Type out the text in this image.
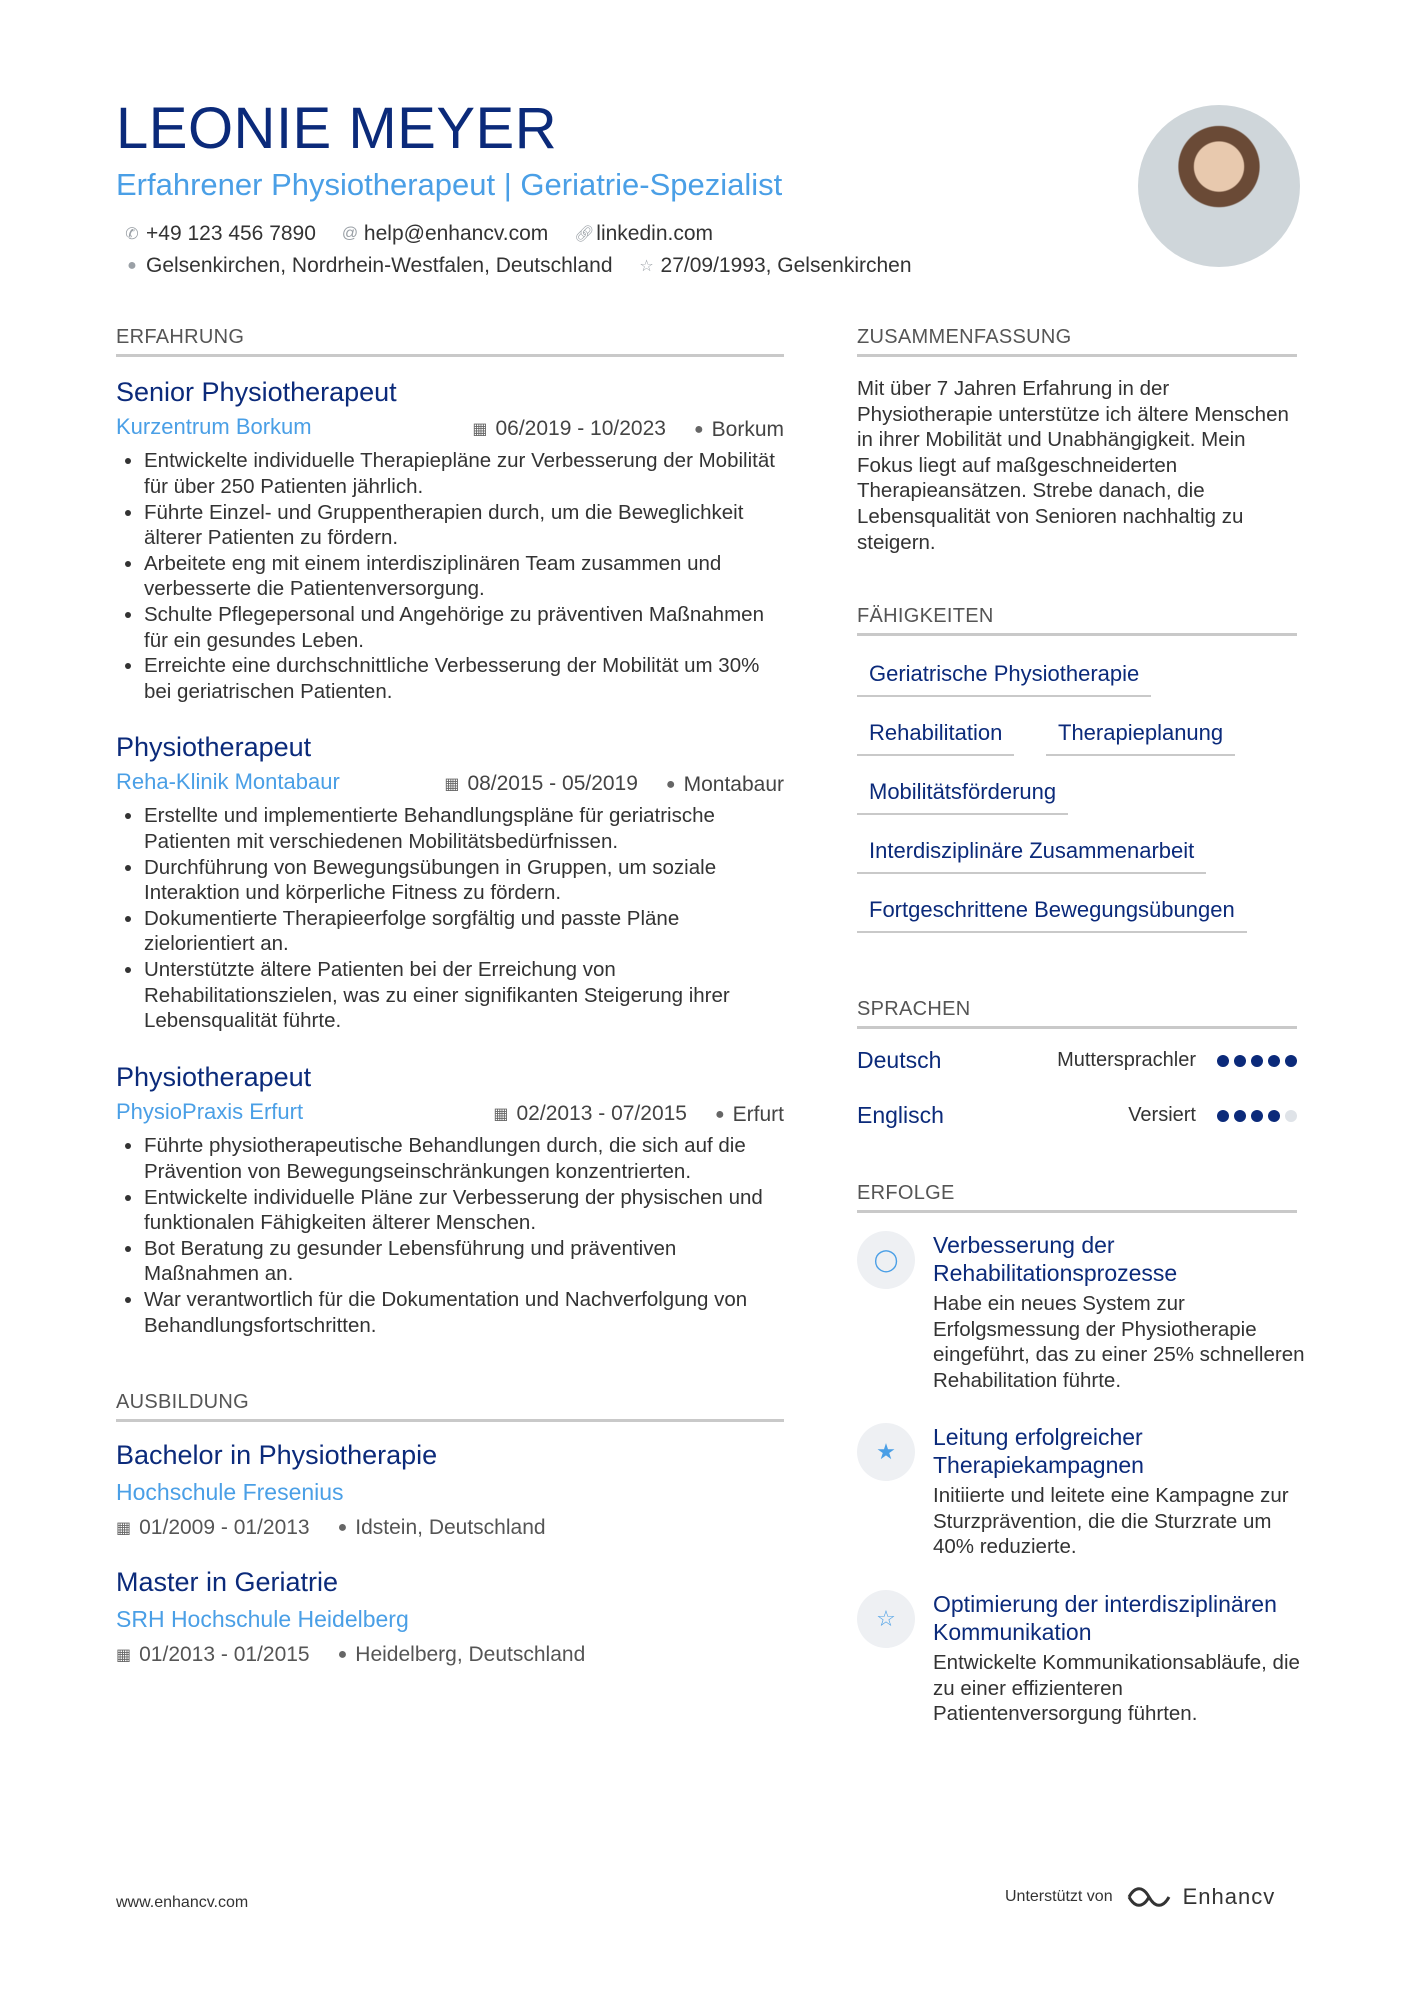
LEONIE MEYER
Erfahrener Physiotherapeut | Geriatrie-Spezialist
✆ +49 123 456 7890 @ help@enhancv.com 🔗︎ linkedin.com
● Gelsenkirchen, Nordrhein-Westfalen, Deutschland ☆ 27/09/1993, Gelsenkirchen
ERFAHRUNG
Senior Physiotherapeut
Kurzentrum Borkum	▦ 06/2019 - 10/2023 ● Borkum
• Entwickelte individuelle Therapiepläne zur Verbesserung der Mobilität für über 250 Patienten jährlich.
• Führte Einzel- und Gruppentherapien durch, um die Beweglichkeit älterer Patienten zu fördern.
• Arbeitete eng mit einem interdisziplinären Team zusammen und verbesserte die Patientenversorgung.
• Schulte Pflegepersonal und Angehörige zu präventiven Maßnahmen für ein gesundes Leben.
• Erreichte eine durchschnittliche Verbesserung der Mobilität um 30% bei geriatrischen Patienten.
Physiotherapeut
Reha-Klinik Montabaur	▦ 08/2015 - 05/2019 ● Montabaur
• Erstellte und implementierte Behandlungspläne für geriatrische Patienten mit verschiedenen Mobilitätsbedürfnissen.
• Durchführung von Bewegungsübungen in Gruppen, um soziale Interaktion und körperliche Fitness zu fördern.
• Dokumentierte Therapieerfolge sorgfältig und passte Pläne zielorientiert an.
• Unterstützte ältere Patienten bei der Erreichung von Rehabilitationszielen, was zu einer signifikanten Steigerung ihrer Lebensqualität führte.
Physiotherapeut
PhysioPraxis Erfurt	▦ 02/2013 - 07/2015 ● Erfurt
• Führte physiotherapeutische Behandlungen durch, die sich auf die Prävention von Bewegungseinschränkungen konzentrierten.
• Entwickelte individuelle Pläne zur Verbesserung der physischen und funktionalen Fähigkeiten älterer Menschen.
• Bot Beratung zu gesunder Lebensführung und präventiven Maßnahmen an.
• War verantwortlich für die Dokumentation und Nachverfolgung von Behandlungsfortschritten.
AUSBILDUNG
Bachelor in Physiotherapie
Hochschule Fresenius
▦ 01/2009 - 01/2013 ● Idstein, Deutschland
Master in Geriatrie
SRH Hochschule Heidelberg
▦ 01/2013 - 01/2015 ● Heidelberg, Deutschland
ZUSAMMENFASSUNG
Mit über 7 Jahren Erfahrung in der Physiotherapie unterstütze ich ältere Menschen in ihrer Mobilität und Unabhängigkeit. Mein Fokus liegt auf maßgeschneiderten Therapieansätzen. Strebe danach, die Lebensqualität von Senioren nachhaltig zu steigern.
FÄHIGKEITEN
Geriatrische Physiotherapie
Rehabilitation	Therapieplanung
Mobilitätsförderung
Interdisziplinäre Zusammenarbeit
Fortgeschrittene Bewegungsübungen
SPRACHEN
Deutsch	Muttersprachler
Englisch	Versiert
ERFOLGE
◯
Verbesserung der Rehabilitationsprozesse
Habe ein neues System zur Erfolgsmessung der Physiotherapie eingeführt, das zu einer 25% schnelleren Rehabilitation führte.
★
Leitung erfolgreicher Therapiekampagnen
Initiierte und leitete eine Kampagne zur Sturzprävention, die die Sturzrate um 40% reduzierte.
☆
Optimierung der interdisziplinären Kommunikation
Entwickelte Kommunikationsabläufe, die zu einer effizienteren Patientenversorgung führten.
www.enhancv.com	Unterstützt von	Enhancv
